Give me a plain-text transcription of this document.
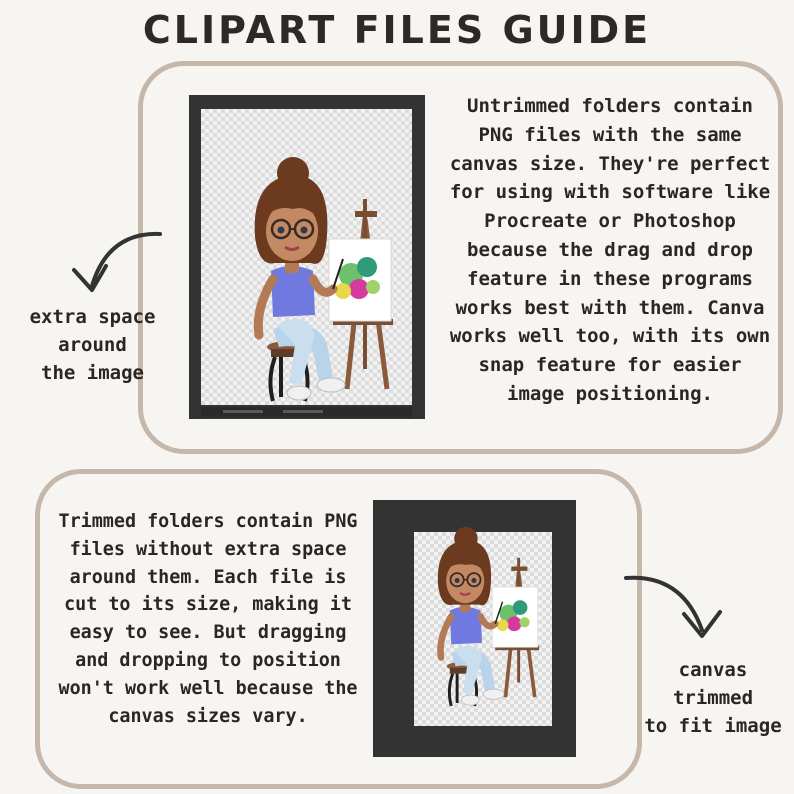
CLIPART FILES GUIDE
Untrimmed folders contain PNG files with the same canvas size. They're perfect for using with software like Procreate or Photoshop because the drag and drop feature in these programs works best with them. Canva works well too, with its own snap feature for easier image positioning.
extra space
around
the image
Trimmed folders contain PNG files without extra space around them. Each file is cut to its size, making it easy to see. But dragging and dropping to position won't work well because the canvas sizes vary.
canvas
trimmed
to fit image
